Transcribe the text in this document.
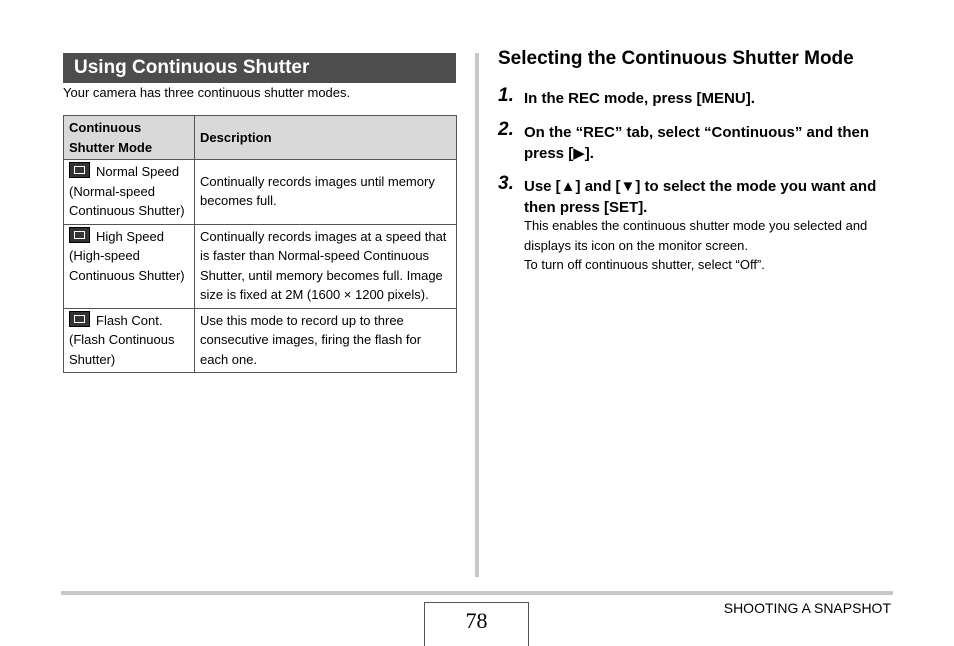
Using Continuous Shutter
Your camera has three continuous shutter modes.
Continuous Shutter Mode	Description
Normal Speed
(Normal-speed Continuous Shutter)	Continually records images until memory becomes full.
High Speed
(High-speed Continuous Shutter)	Continually records images at a speed that is faster than Normal-speed Continuous Shutter, until memory becomes full. Image size is fixed at 2M (1600 × 1200 pixels).
Flash Cont.
(Flash Continuous Shutter)	Use this mode to record up to three consecutive images, firing the flash for each one.
Selecting the Continuous Shutter Mode
1. In the REC mode, press [MENU].
2. On the “REC” tab, select “Continuous” and then press [▶].
3. Use [▲] and [▼] to select the mode you want and then press [SET].
This enables the continuous shutter mode you selected and displays its icon on the monitor screen.
To turn off continuous shutter, select “Off”.
78	SHOOTING A SNAPSHOT
